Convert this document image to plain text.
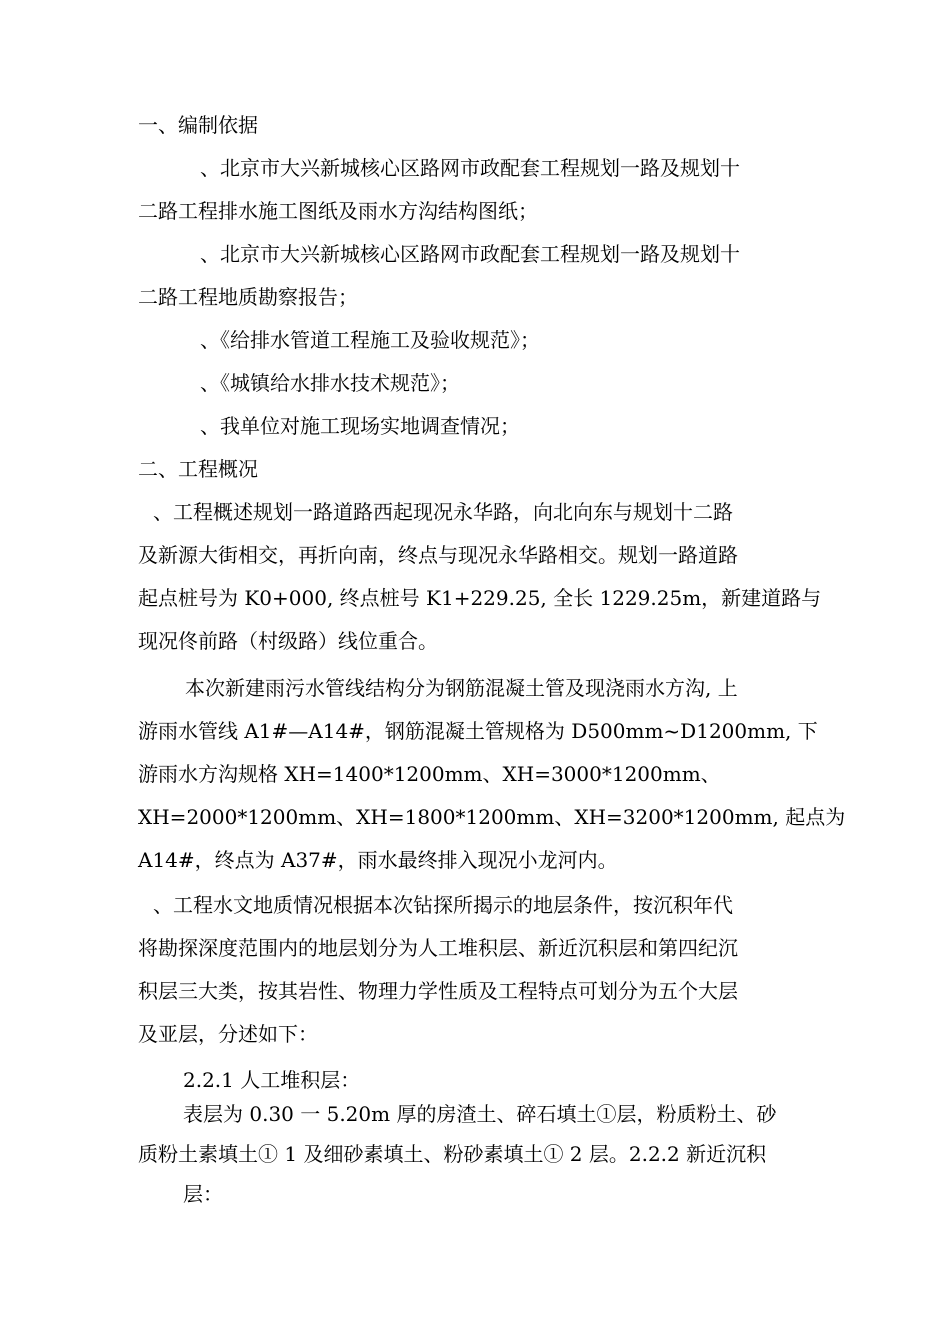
一、编制依据
、北京市大兴新城核心区路网市政配套工程规划一路及规划十
二路工程排水施工图纸及雨水方沟结构图纸；
、北京市大兴新城核心区路网市政配套工程规划一路及规划十
二路工程地质勘察报告；
、《给排水管道工程施工及验收规范》；
、《城镇给水排水技术规范》；
、我单位对施工现场实地调查情况；
二、工程概况
、工程概述规划一路道路西起现况永华路，向北向东与规划十二路
及新源大街相交，再折向南，终点与现况永华路相交。规划一路道路
起点桩号为 K0+000, 终点桩号 K1+229.25, 全长 1229.25m，新建道路与
现况佟前路（村级路）线位重合。
本次新建雨污水管线结构分为钢筋混凝土管及现浇雨水方沟, 上
游雨水管线 A1#—A14#，钢筋混凝土管规格为 D500mm~D1200mm, 下
游雨水方沟规格 XH=1400*1200mm、XH=3000*1200mm、
XH=2000*1200mm、XH=1800*1200mm、XH=3200*1200mm, 起点为
A14#，终点为 A37#，雨水最终排入现况小龙河内。
、工程水文地质情况根据本次钻探所揭示的地层条件，按沉积年代
将勘探深度范围内的地层划分为人工堆积层、新近沉积层和第四纪沉
积层三大类，按其岩性、物理力学性质及工程特点可划分为五个大层
及亚层，分述如下：
2.2.1 人工堆积层：
表层为 0.30 一 5.20m 厚的房渣土、碎石填土①层，粉质粉土、砂
质粉土素填土① 1 及细砂素填土、粉砂素填土① 2 层。2.2.2 新近沉积
层：
